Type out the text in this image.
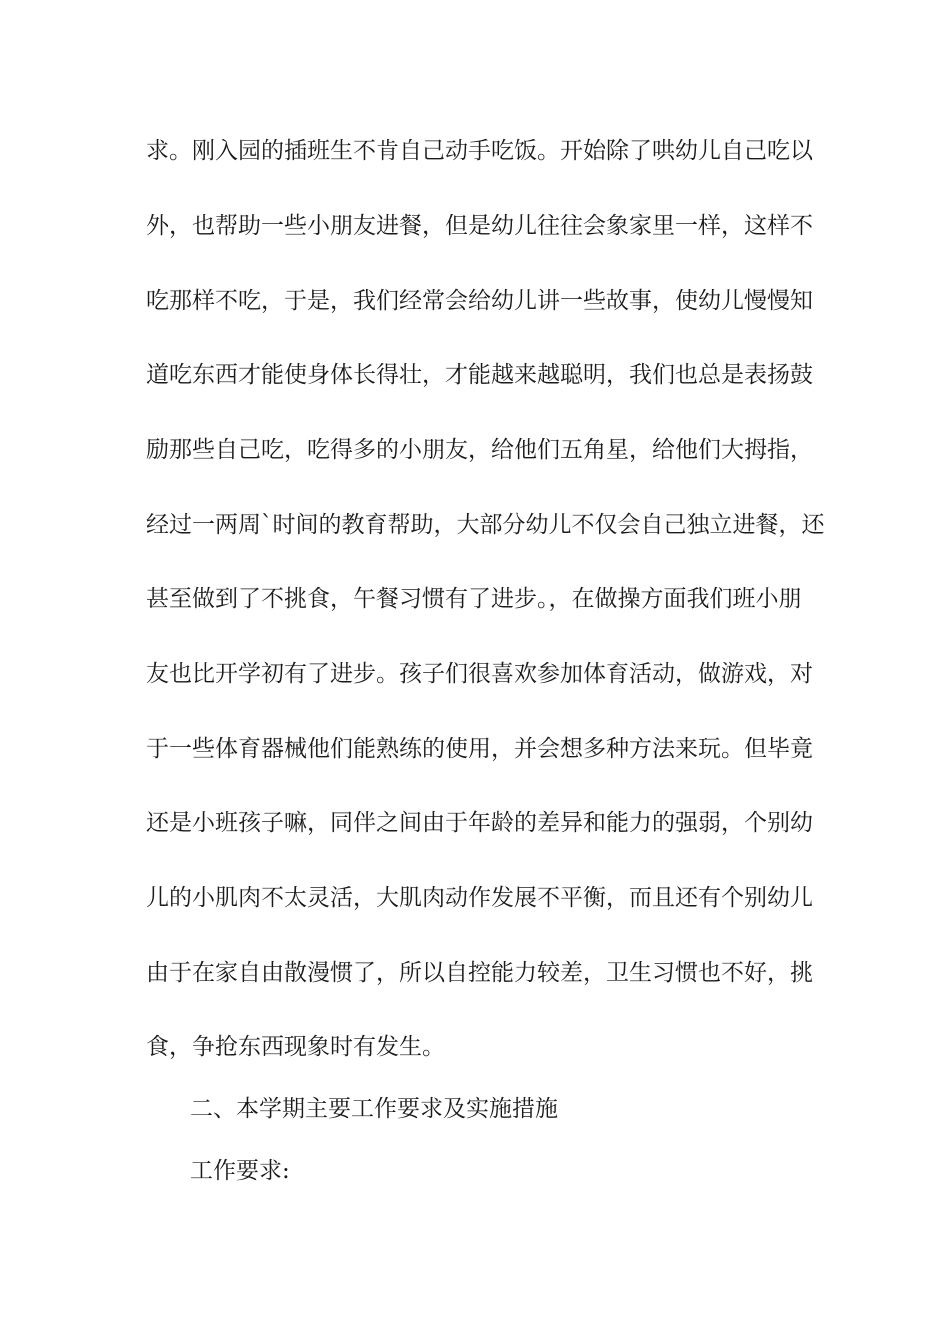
求。刚入园的插班生不肯自己动手吃饭。开始除了哄幼儿自己吃以
外，也帮助一些小朋友进餐，但是幼儿往往会象家里一样，这样不
吃那样不吃，于是，我们经常会给幼儿讲一些故事，使幼儿慢慢知
道吃东西才能使身体长得壮，才能越来越聪明，我们也总是表扬鼓
励那些自己吃，吃得多的小朋友，给他们五角星，给他们大拇指，
经过一两周`时间的教育帮助，大部分幼儿不仅会自己独立进餐，还
甚至做到了不挑食，午餐习惯有了进步。，在做操方面我们班小朋
友也比开学初有了进步。孩子们很喜欢参加体育活动，做游戏，对
于一些体育器械他们能熟练的使用，并会想多种方法来玩。但毕竟
还是小班孩子嘛，同伴之间由于年龄的差异和能力的强弱，个别幼
儿的小肌肉不太灵活，大肌肉动作发展不平衡，而且还有个别幼儿
由于在家自由散漫惯了，所以自控能力较差，卫生习惯也不好，挑
食，争抢东西现象时有发生。
二、本学期主要工作要求及实施措施
工作要求:
